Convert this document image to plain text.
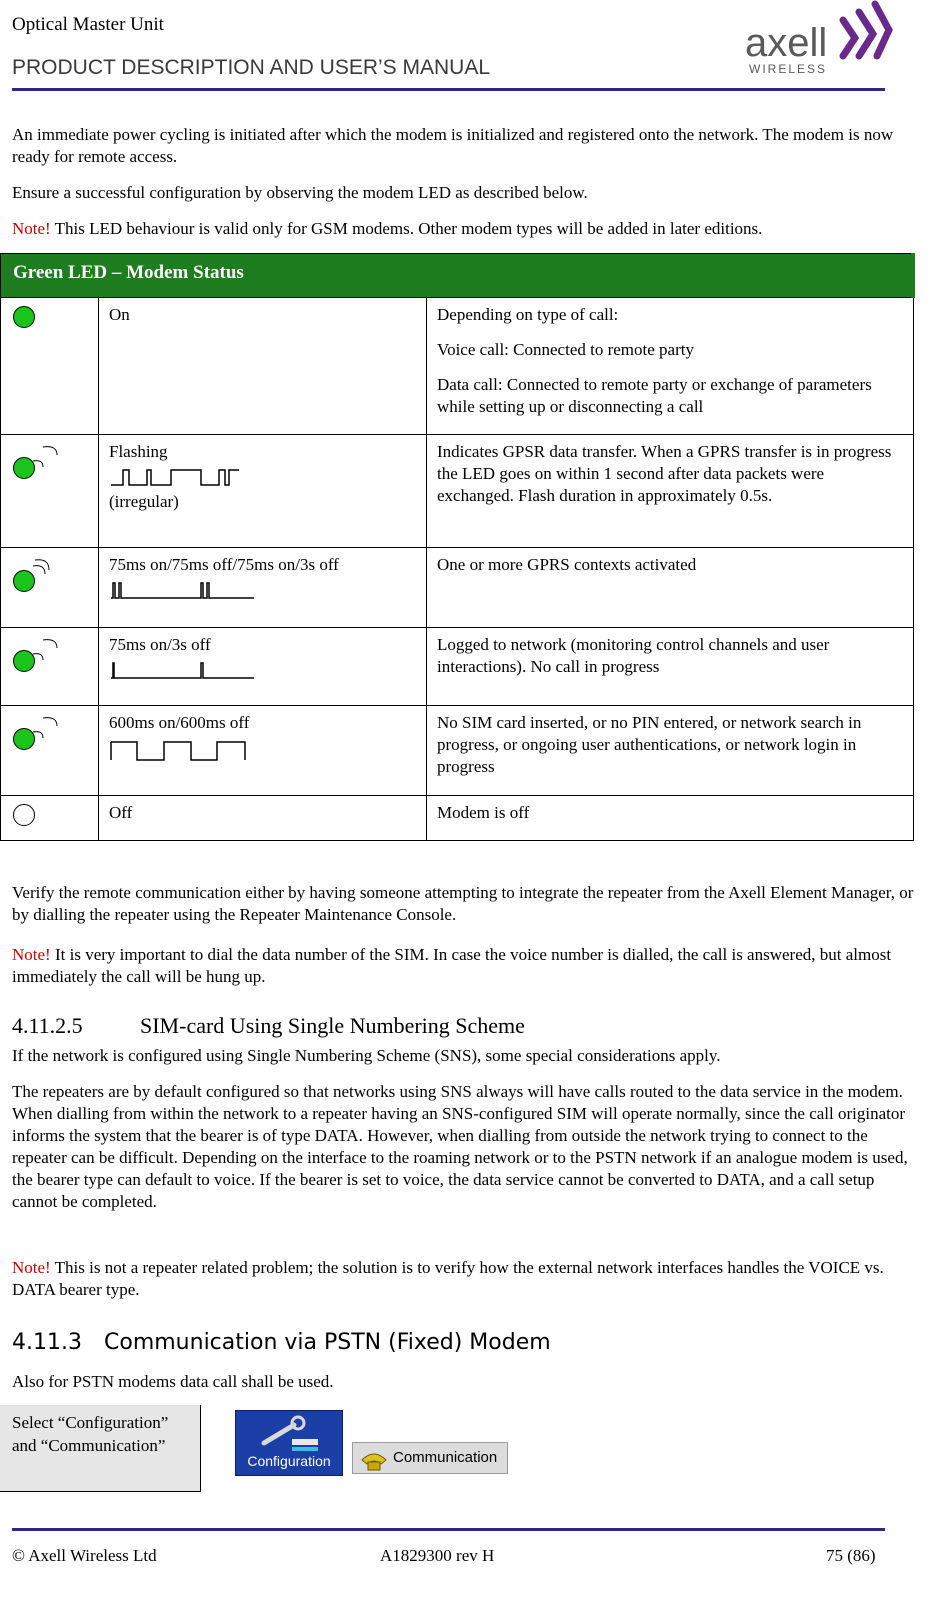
Optical Master Unit
PRODUCT DESCRIPTION AND USER’S MANUAL
axell
WIRELESS

An immediate power cycling is initiated after which the modem is initialized and registered onto the network. The modem is now ready for remote access.

Ensure a successful configuration by observing the modem LED as described below.

Note! This LED behaviour is valid only for GSM modems. Other modem types will be added in later editions.

Green LED – Modem Status		
	On	Depending on type of call:

Voice call: Connected to remote party

Data call: Connected to remote party or exchange of parameters while setting up or disconnecting a call

Flashing

(irregular)	Indicates GPSR data transfer. When a GPRS transfer is in progress the LED goes on within 1 second after data packets were exchanged. Flash duration in approximately 0.5s.

75ms on/75ms off/75ms on/3s off	One or more GPRS contexts activated

75ms on/3s off	Logged to network (monitoring control channels and user interactions). No call in progress

600ms on/600ms off	No SIM card inserted, or no PIN entered, or network search in progress, or ongoing user authentications, or network login in progress
	Off	Modem is off

Verify the remote communication either by having someone attempting to integrate the repeater from the Axell Element Manager, or by dialling the repeater using the Repeater Maintenance Console.

Note! It is very important to dial the data number of the SIM. In case the voice number is dialled, the call is answered, but almost immediately the call will be hung up.

4.11.2.5	SIM-card Using Single Numbering Scheme

If the network is configured using Single Numbering Scheme (SNS), some special considerations apply.

The repeaters are by default configured so that networks using SNS always will have calls routed to the data service in the modem. When dialling from within the network to a repeater having an SNS-configured SIM will operate normally, since the call originator informs the system that the bearer is of type DATA. However, when dialling from outside the network trying to connect to the repeater can be difficult. Depending on the interface to the roaming network or to the PSTN network if an analogue modem is used, the bearer type can default to voice. If the bearer is set to voice, the data service cannot be converted to DATA, and a call setup cannot be completed.

Note! This is not a repeater related problem; the solution is to verify how the external network interfaces handles the VOICE vs. DATA bearer type.

4.11.3 Communication via PSTN (Fixed) Modem

Also for PSTN modems data call shall be used.

Select “Configuration” and “Communication”
Configuration	Communication
© Axell Wireless Ltd	A1829300 rev H	75 (86)
